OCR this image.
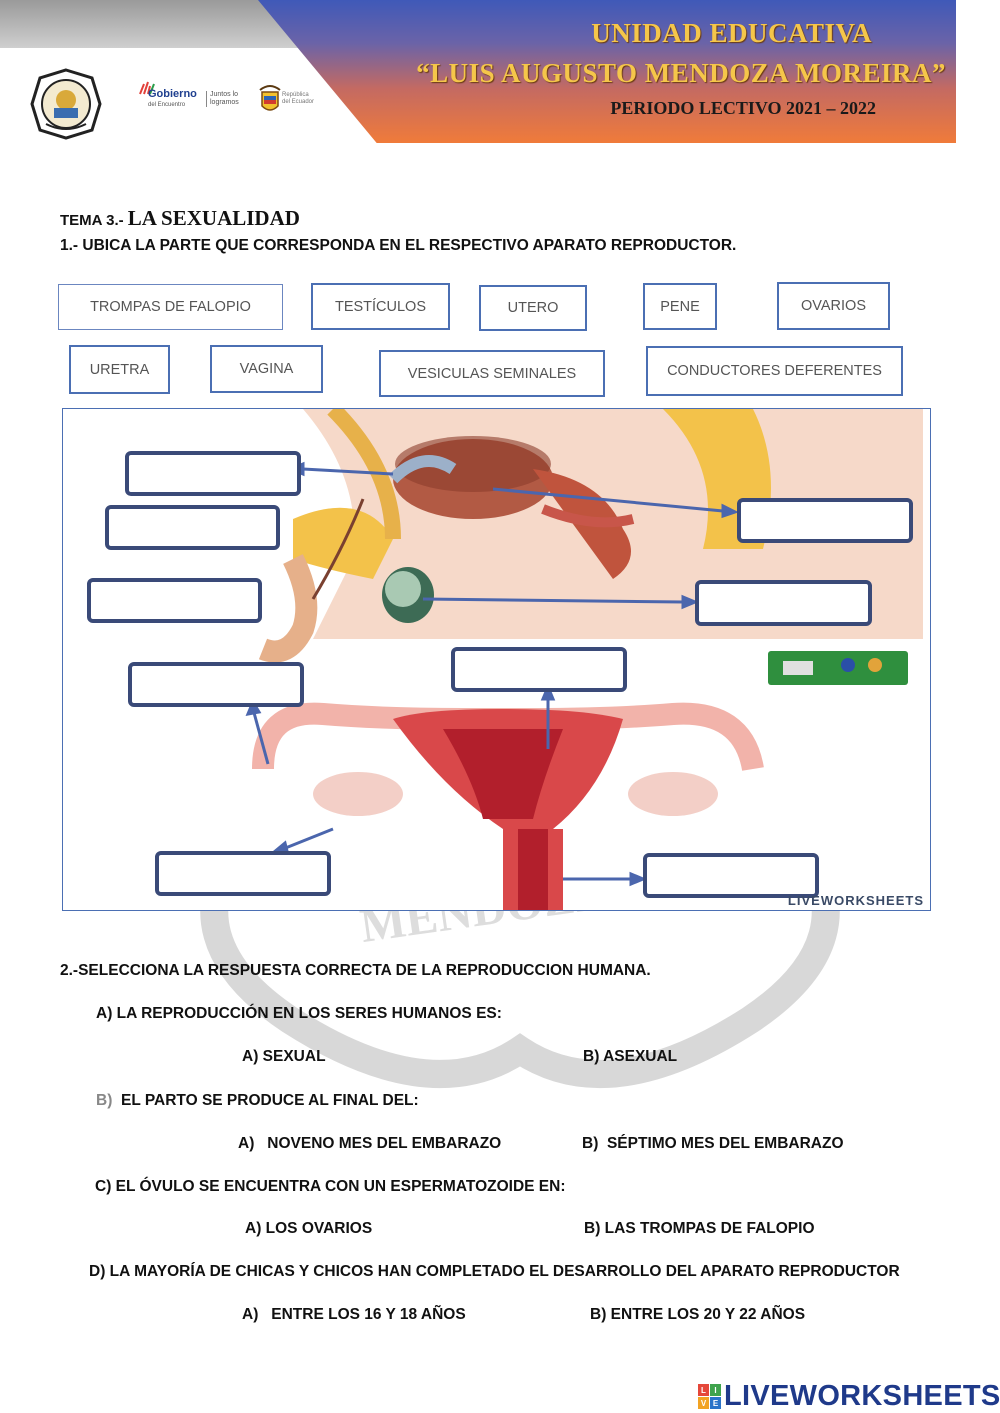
UNIDAD EDUCATIVA
“LUIS AUGUSTO MENDOZA MOREIRA”
PERIODO LECTIVO 2021 – 2022
Gobierno
del Encuentro
Juntos lo logramos
República del Ecuador
TEMA 3.- LA SEXUALIDAD
1.- UBICA LA PARTE QUE CORRESPONDA EN EL RESPECTIVO APARATO REPRODUCTOR.
TROMPAS DE FALOPIO	TESTÍCULOS	UTERO	PENE	OVARIOS
URETRA	VAGINA	VESICULAS SEMINALES	CONDUCTORES DEFERENTES
LIVEWORKSHEETS
2.-SELECCIONA LA RESPUESTA CORRECTA DE LA REPRODUCCION HUMANA.
A) LA REPRODUCCIÓN EN LOS SERES HUMANOS ES:
A) SEXUAL	B) ASEXUAL
B) EL PARTO SE PRODUCE AL FINAL DEL:
A)   NOVENO MES DEL EMBARAZO	B)  SÉPTIMO MES DEL EMBARAZO
C) EL ÓVULO SE ENCUENTRA CON UN ESPERMATOZOIDE EN:
A) LOS OVARIOS	B) LAS TROMPAS DE FALOPIO
D) LA MAYORÍA DE CHICAS Y CHICOS HAN COMPLETADO EL DESARROLLO DEL APARATO REPRODUCTOR
A)   ENTRE LOS 16 Y 18 AÑOS	B) ENTRE LOS 20 Y 22 AÑOS
L I
V E LIVEWORKSHEETS
